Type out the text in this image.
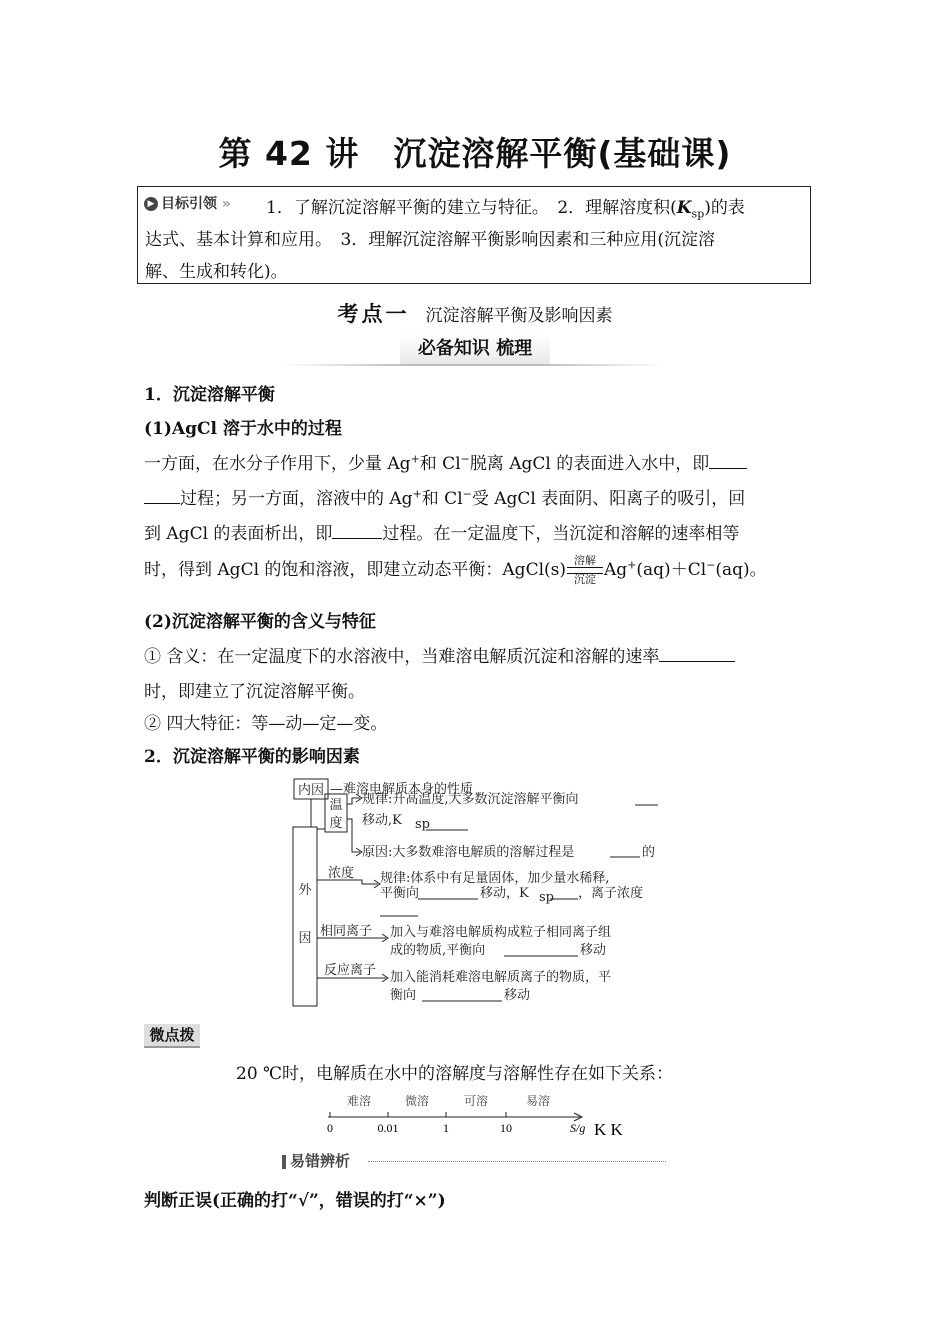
第 42 讲　沉淀溶解平衡(基础课)
▶ 目标引领 » 1．了解沉淀溶解平衡的建立与特征。　2．理解溶度积$(K_{sp})$的表
达式、基本计算和应用。　3．理解沉淀溶解平衡影响因素和三种应用(沉淀溶
解、生成和转化)。
考点一 沉淀溶解平衡及影响因素
必备知识 梳理
1．沉淀溶解平衡
(1)AgCl 溶于水中的过程
一方面，在水分子作用下，少量 Ag+和 Cl−脱离 AgCl 的表面进入水中，即
过程；另一方面，溶液中的 Ag+和 Cl−受 AgCl 表面阴、阳离子的吸引，回
到 AgCl 的表面析出，即	过程。在一定温度下，当沉淀和溶解的速率相等
时，得到 AgCl 的饱和溶液，即建立动态平衡：AgCl(s) 溶解
沉淀 Ag+(aq)＋Cl−(aq)。
(2)沉淀溶解平衡的含义与特征
① 含义：在一定温度下的水溶液中，当难溶电解质沉淀和溶解的速率
时，即建立了沉淀溶解平衡。
② 四大特征：等—动—定—变。
2．沉淀溶解平衡的影响因素
内因 —难溶电解质本身的性质
外
因
温
度
规律:升高温度,大多数沉淀溶解平衡向
移动,K sp
原因:大多数难溶电解质的溶解过程是	的
浓度 规律:体系中有足量固体，加少量水稀释,
平衡向	移动，K sp ，离子浓度
相同离子 加入与难溶电解质构成粒子相同离子组
成的物质,平衡向	移动
反应离子 加入能消耗难溶电解质离子的物质，平
衡向	移动
微点拨
20 ℃时，电解质在水中的溶解度与溶解性存在如下关系：
0	0.01	1	10
难溶	微溶	可溶	易溶
S/g K K
易错辨析
判断正误(正确的打“√”，错误的打“×”)
